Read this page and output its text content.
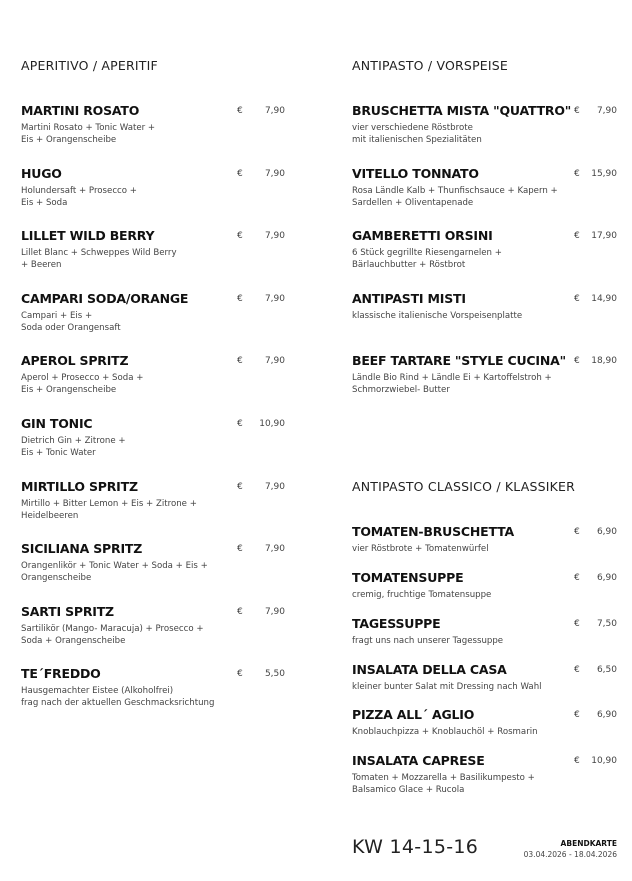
APERITIVO / APERITIF
MARTINI ROSATO
Martini Rosato + Tonic Water +
Eis + Orangenscheibe
€	7,90
HUGO
Holundersaft + Prosecco +
Eis + Soda
€	7,90
LILLET WILD BERRY
Lillet Blanc + Schweppes Wild Berry
+ Beeren
€	7,90
CAMPARI SODA/ORANGE
Campari + Eis +
Soda oder Orangensaft
€	7,90
APEROL SPRITZ
Aperol + Prosecco + Soda +
Eis + Orangenscheibe
€	7,90
GIN TONIC
Dietrich Gin + Zitrone +
Eis + Tonic Water
€	10,90
MIRTILLO SPRITZ
Mirtillo + Bitter Lemon + Eis + Zitrone +
Heidelbeeren
€	7,90
SICILIANA SPRITZ
Orangenlikör + Tonic Water + Soda + Eis +
Orangenscheibe
€	7,90
SARTI SPRITZ
Sartilikör (Mango- Maracuja) + Prosecco +
Soda + Orangenscheibe
€	7,90
TE´FREDDO
Hausgemachter Eistee (Alkoholfrei)
frag nach der aktuellen Geschmacksrichtung
€	5,50
ANTIPASTO / VORSPEISE
BRUSCHETTA MISTA "QUATTRO"
vier verschiedene Röstbrote
mit italienischen Spezialitäten
€	7,90
VITELLO TONNATO
Rosa Ländle Kalb + Thunfischsauce + Kapern +
Sardellen + Oliventapenade
€	15,90
GAMBERETTI ORSINI
6 Stück gegrillte Riesengarnelen +
Bärlauchbutter + Röstbrot
€	17,90
ANTIPASTI MISTI
klassische italienische Vorspeisenplatte
€	14,90
BEEF TARTARE "STYLE CUCINA"
Ländle Bio Rind + Ländle Ei + Kartoffelstroh +
Schmorzwiebel- Butter
€	18,90
ANTIPASTO CLASSICO / KLASSIKER
TOMATEN-BRUSCHETTA
vier Röstbrote + Tomatenwürfel
€	6,90
TOMATENSUPPE
cremig, fruchtige Tomatensuppe
€	6,90
TAGESSUPPE
fragt uns nach unserer Tagessuppe
€	7,50
INSALATA DELLA CASA
kleiner bunter Salat mit Dressing nach Wahl
€	6,50
PIZZA ALL´ AGLIO
Knoblauchpizza + Knoblauchöl + Rosmarin
€	6,90
INSALATA CAPRESE
Tomaten + Mozzarella + Basilikumpesto +
Balsamico Glace + Rucola
€	10,90
KW 14-15-16	ABENDKARTE
03.04.2026 - 18.04.2026
